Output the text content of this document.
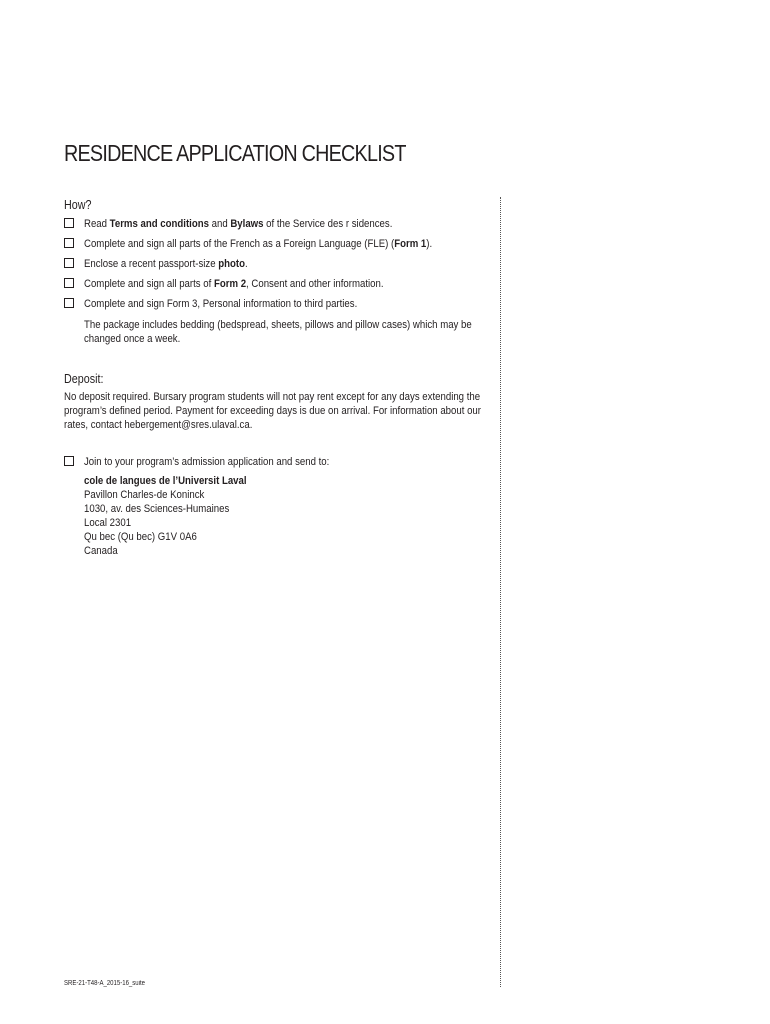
RESIDENCE APPLICATION CHECKLIST
How?
Read Terms and conditions and Bylaws of the Service des r sidences.
Complete and sign all parts of the French as a Foreign Language (FLE) (Form 1).
Enclose a recent passport-size photo.
Complete and sign all parts of Form 2, Consent and other information.
Complete and sign Form 3, Personal information to third parties.
The package includes bedding (bedspread, sheets, pillows and pillow cases) which may be
changed once a week.
Deposit:
No deposit required. Bursary program students will not pay rent except for any days extending the
program’s defined period. Payment for exceeding days is due on arrival. For information about our
rates, contact hebergement@sres.ulaval.ca.
Join to your program’s admission application and send to:
cole de langues de l’Universit Laval
Pavillon Charles-de Koninck
1030, av. des Sciences-Humaines
Local 2301
Qu bec (Qu bec) G1V 0A6
Canada
SRE-21-T48-A_2015-16_suite
